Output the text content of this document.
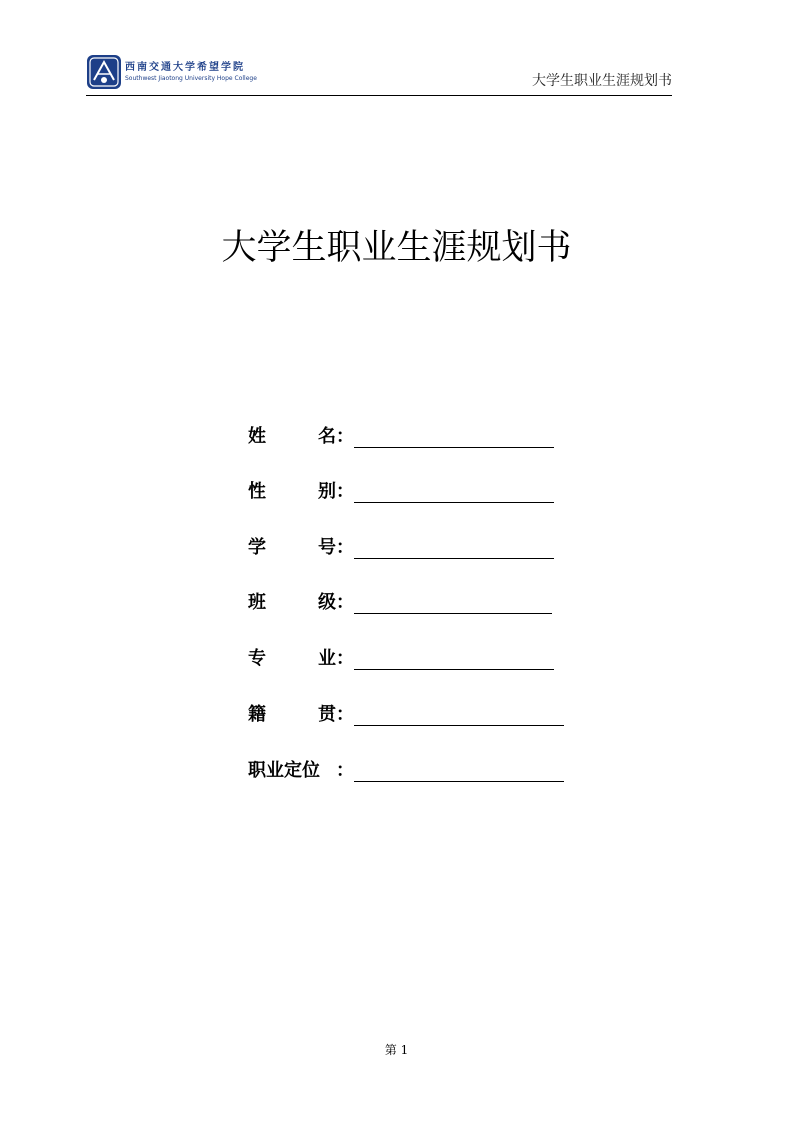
西南交通大学希望学院
Southwest Jiaotong University Hope College	大学生职业生涯规划书
大学生职业生涯规划书
姓	名 ：
性	别 ：
学	号 ：
班	级 ：
专	业 ：
籍	贯 ：
职业定位 ：
第 1
